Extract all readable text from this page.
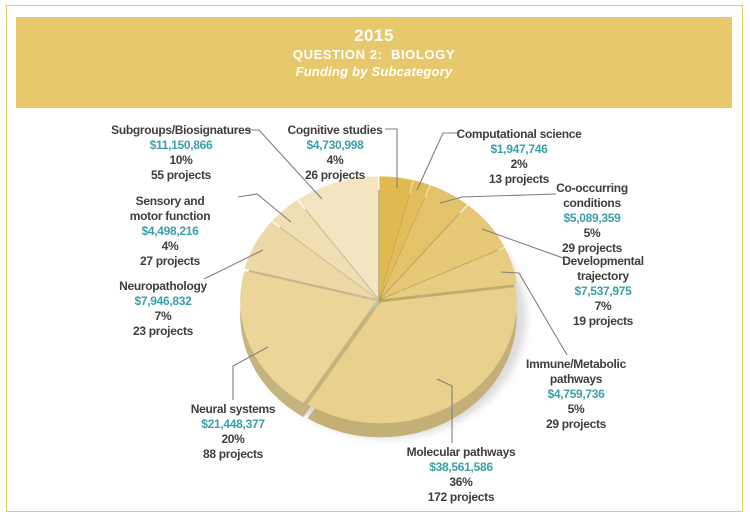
2015
QUESTION 2:  BIOLOGY
Funding by Subcategory
Cognitive studies
$4,730,998
4%
26 projects
Computational science
$1,947,746
2%
13 projects
Co-occurring
conditions
$5,089,359
5%
29 projects
Developmental
trajectory
$7,537,975
7%
19 projects
Immune/Metabolic
pathways
$4,759,736
5%
29 projects
Molecular pathways
$38,561,586
36%
172 projects
Neural systems
$21,448,377
20%
88 projects
Neuropathology
$7,946,832
7%
23 projects
Sensory and
motor function
$4,498,216
4%
27 projects
Subgroups/Biosignatures
$11,150,866
10%
55 projects
